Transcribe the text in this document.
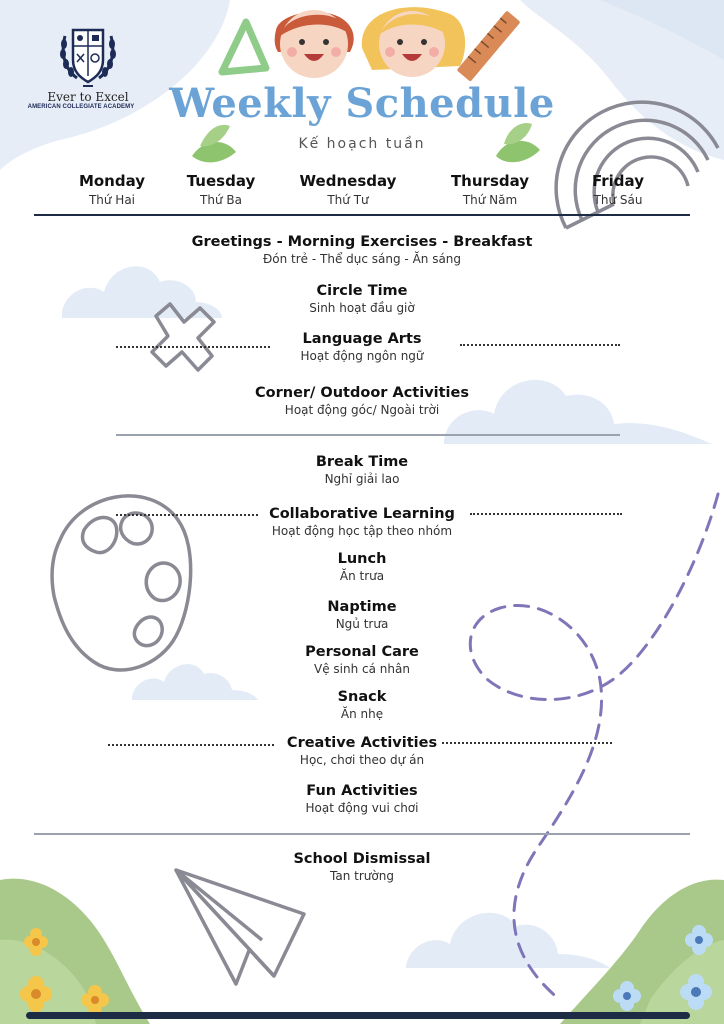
Ever to Excel
AMERICAN COLLEGIATE ACADEMY Weekly Schedule
Kế hoạch tuần
Monday
Thứ Hai
Tuesday
Thứ Ba
Wednesday
Thứ Tư
Thursday
Thứ Năm
Friday
Thứ Sáu
Greetings - Morning Exercises - Breakfast
Đón trẻ - Thể dục sáng - Ăn sáng
Circle Time
Sinh hoạt đầu giờ
Language Arts
Hoạt động ngôn ngữ
Corner/ Outdoor Activities
Hoạt động góc/ Ngoài trời
Break Time
Nghỉ giải lao
Collaborative Learning
Hoạt động học tập theo nhóm
Lunch
Ăn trưa
Naptime
Ngủ trưa
Personal Care
Vệ sinh cá nhân
Snack
Ăn nhẹ
Creative Activities
Học, chơi theo dự án
Fun Activities
Hoạt động vui chơi
School Dismissal
Tan trường
